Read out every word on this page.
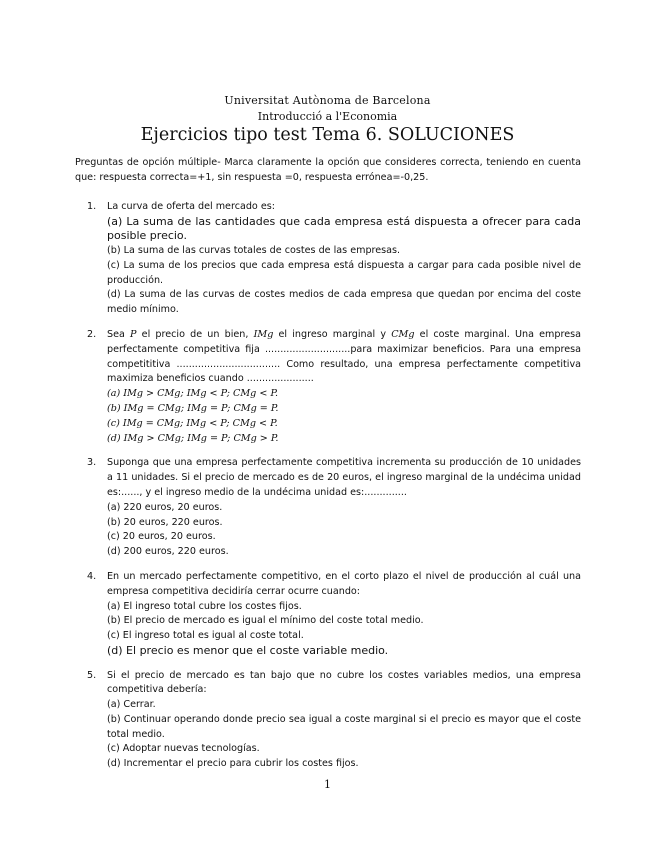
Universitat Autònoma de Barcelona
Introducció a l'Economia
Ejercicios tipo test Tema 6. SOLUCIONES
Preguntas de opción múltiple- Marca claramente la opción que consideres correcta, teniendo en cuenta que: respuesta correcta=+1, sin respuesta =0, respuesta errónea=-0,25.
1. La curva de oferta del mercado es:

(a) La suma de las cantidades que cada empresa está dispuesta a ofrecer para cada posible precio.

(b) La suma de las curvas totales de costes de las empresas.

(c) La suma de los precios que cada empresa está dispuesta a cargar para cada posible nivel de producción.

(d) La suma de las curvas de costes medios de cada empresa que quedan por encima del coste medio mínimo.

2. Sea P el precio de un bien, IMg el ingreso marginal y CMg el coste marginal. Una empresa perfectamente competitiva fija ............................para maximizar beneficios. Para una empresa competititiva .................................. Como resultado, una empresa perfectamente competitiva maximiza beneficios cuando ......................

(a) IMg > CMg; IMg < P; CMg < P.

(b) IMg = CMg; IMg = P; CMg = P.

(c) IMg = CMg; IMg < P; CMg < P.

(d) IMg > CMg; IMg = P; CMg > P.

3. Suponga que una empresa perfectamente competitiva incrementa su producción de 10 unidades a 11 unidades. Si el precio de mercado es de 20 euros, el ingreso marginal de la undécima unidad es:......, y el ingreso medio de la undécima unidad es:..............

(a) 220 euros, 20 euros.

(b) 20 euros, 220 euros.

(c) 20 euros, 20 euros.

(d) 200 euros, 220 euros.

4. En un mercado perfectamente competitivo, en el corto plazo el nivel de producción al cuál una empresa competitiva decidiría cerrar ocurre cuando:

(a) El ingreso total cubre los costes fijos.

(b) El precio de mercado es igual el mínimo del coste total medio.

(c) El ingreso total es igual al coste total.

(d) El precio es menor que el coste variable medio.

5. Si el precio de mercado es tan bajo que no cubre los costes variables medios, una empresa competitiva debería:

(a) Cerrar.

(b) Continuar operando donde precio sea igual a coste marginal si el precio es mayor que el coste total medio.

(c) Adoptar nuevas tecnologías.

(d) Incrementar el precio para cubrir los costes fijos.

1
